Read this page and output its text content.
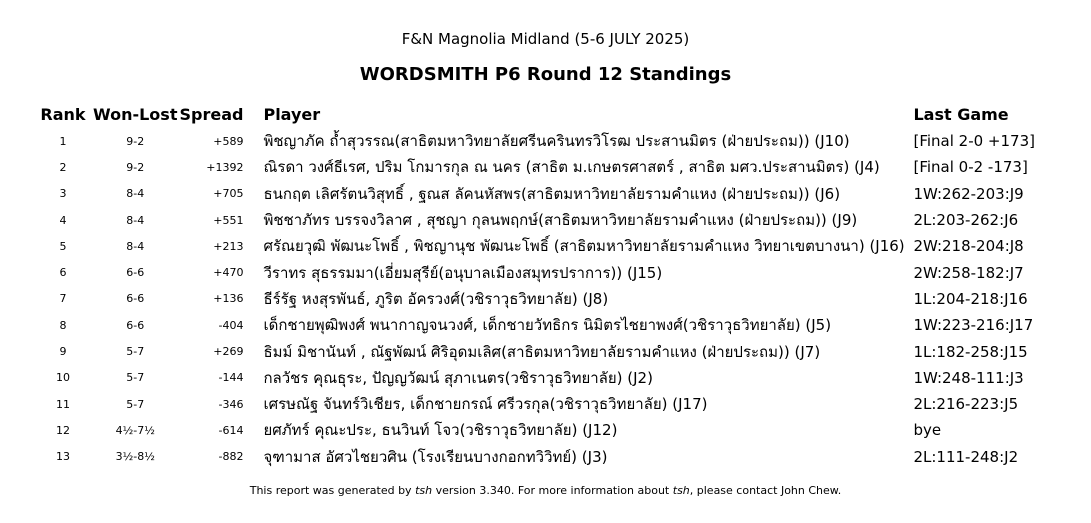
F&N Magnolia Midland (5-6 JULY 2025)
WORDSMITH P6 Round 12 Standings
Rank	Won-Lost	Spread	Player	Last Game
1	9-2	+589	พิชญาภัค ถ้ำสุวรรณ(สาธิตมหาวิทยาลัยศรีนครินทรวิโรฒ ประสานมิตร (ฝ่ายประถม)) (J10)	[Final 2-0 +173]
2	9-2	+1392	ณิรดา วงศ์ธีเรศ, ปริม โกมารกุล ณ นคร (สาธิต ม.เกษตรศาสตร์ , สาธิต มศว.ประสานมิตร) (J4)	[Final 0-2 -173]
3	8-4	+705	ธนกฤต เลิศรัตนวิสุทธิ์ , ฐณส ลัคนหัสพร(สาธิตมหาวิทยาลัยรามคำแหง (ฝ่ายประถม)) (J6)	1W:262-203:J9
4	8-4	+551	พิชชาภัทร บรรจงวิลาศ , สุชญา กุลนพฤกษ์(สาธิตมหาวิทยาลัยรามคำแหง (ฝ่ายประถม)) (J9)	2L:203-262:J6
5	8-4	+213	ศรัณยวุฒิ พัฒนะโพธิ์ , พิชญานุช พัฒนะโพธิ์ (สาธิตมหาวิทยาลัยรามคำแหง วิทยาเขตบางนา) (J16)	2W:218-204:J8
6	6-6	+470	วีราทร สุธรรมมา(เอี่ยมสุรีย์(อนุบาลเมืองสมุทรปราการ)) (J15)	2W:258-182:J7
7	6-6	+136	ธีร์รัฐ หงสุรพันธ์, ภูริต อัครวงศ์(วชิราวุธวิทยาลัย) (J8)	1L:204-218:J16
8	6-6	-404	เด็กชายพุฒิพงศ์ พนากาญจนวงศ์, เด็กชายวัทธิกร นิมิตรไชยาพงศ์(วชิราวุธวิทยาลัย) (J5)	1W:223-216:J17
9	5-7	+269	ธิมม์ มิชานันท์ , ณัฐพัฒน์ ศิริอุดมเลิศ(สาธิตมหาวิทยาลัยรามคำแหง (ฝ่ายประถม)) (J7)	1L:182-258:J15
10	5-7	-144	กลวัชร คุณธุระ, ปัญญวัฒน์ สุภาเนตร(วชิราวุธวิทยาลัย) (J2)	1W:248-111:J3
11	5-7	-346	เศรษณัฐ จันทร์วิเชียร, เด็กชายกรณ์ ศรีวรกุล(วชิราวุธวิทยาลัย) (J17)	2L:216-223:J5
12	4½-7½	-614	ยศภัทร์ คุณะประ, ธนวินท์ โจว(วชิราวุธวิทยาลัย) (J12)	bye
13	3½-8½	-882	จุฑามาส อัศวไชยวศิน (โรงเรียนบางกอกทวิวิทย์) (J3)	2L:111-248:J2
This report was generated by tsh version 3.340. For more information about tsh, please contact John Chew.
